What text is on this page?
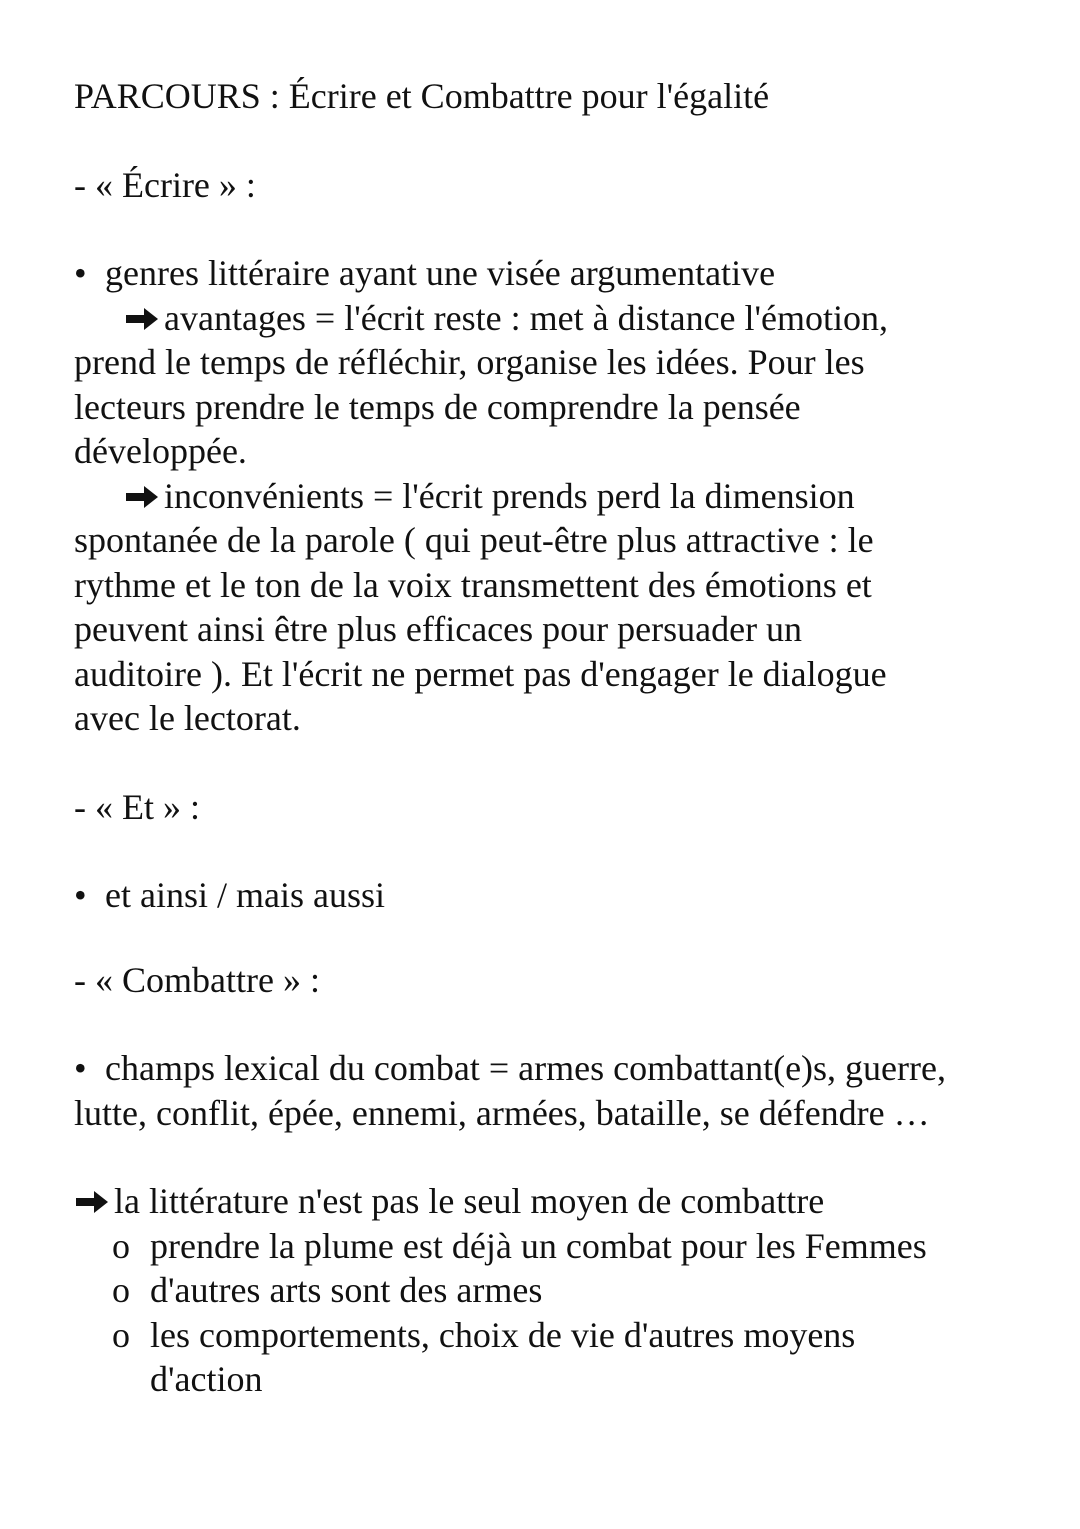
PARCOURS : Écrire et Combattre pour l'égalité
- « Écrire » :
• genres littéraire ayant une visée argumentative
avantages = l'écrit reste : met à distance l'émotion,
prend le temps de réfléchir, organise les idées. Pour les
lecteurs prendre le temps de comprendre la pensée
développée.
inconvénients = l'écrit prends perd la dimension
spontanée de la parole ( qui peut-être plus attractive : le
rythme et le ton de la voix transmettent des émotions et
peuvent ainsi être plus efficaces pour persuader un
auditoire ). Et l'écrit ne permet pas d'engager le dialogue
avec le lectorat.
- « Et » :
• et ainsi / mais aussi
- « Combattre » :
• champs lexical du combat = armes combattant(e)s, guerre,
lutte, conflit, épée, ennemi, armées, bataille, se défendre …
la littérature n'est pas le seul moyen de combattre
o prendre la plume est déjà un combat pour les Femmes
o d'autres arts sont des armes
o les comportements, choix de vie d'autres moyens
d'action
